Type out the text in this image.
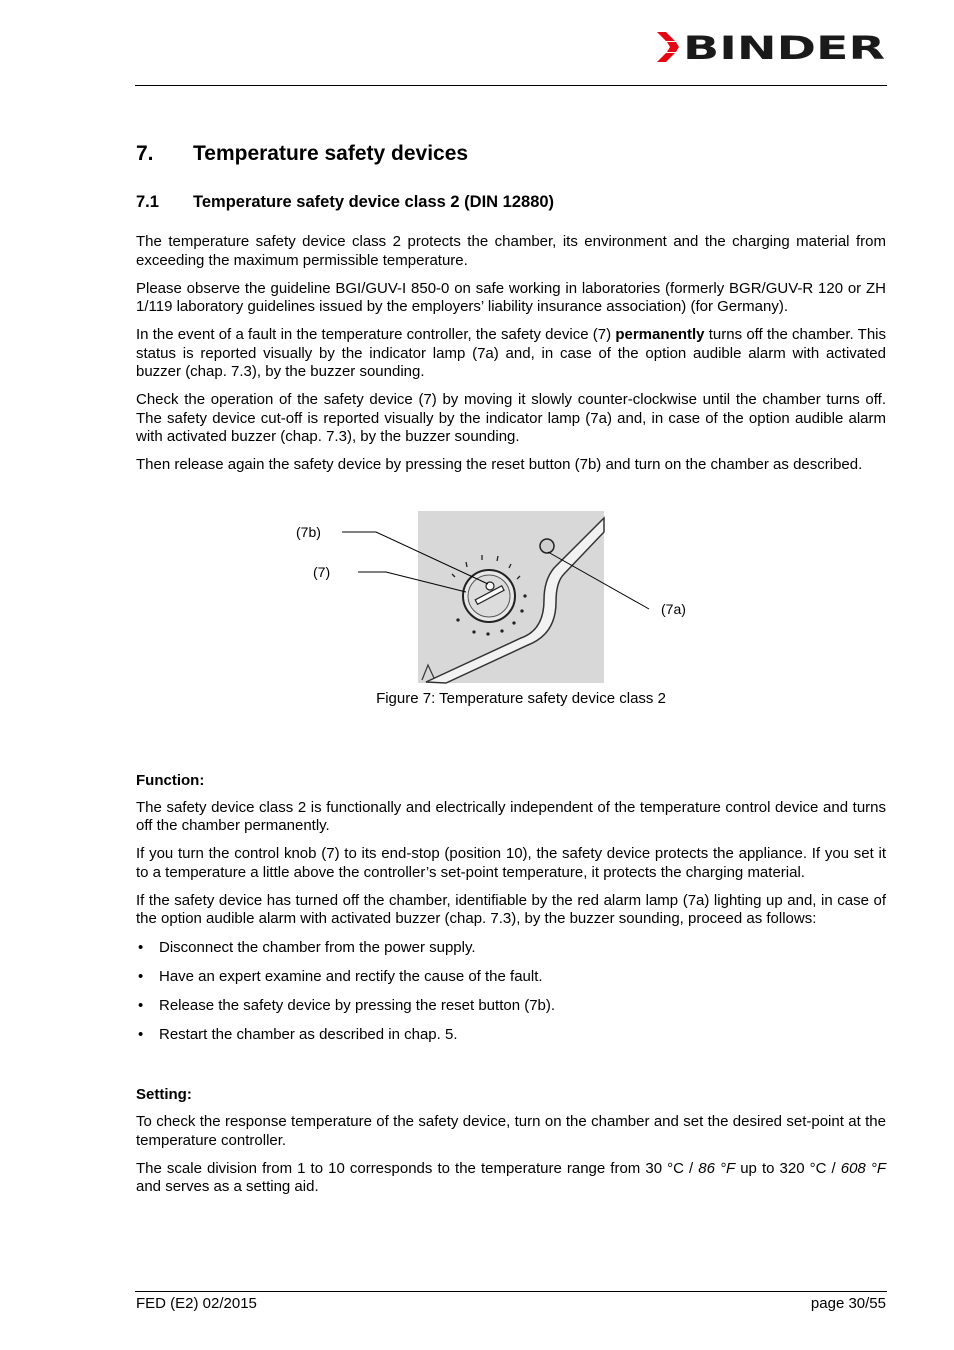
BINDER
7.	Temperature safety devices
7.1	Temperature safety device class 2 (DIN 12880)

The temperature safety device class 2 protects the chamber, its environment and the charging material from exceeding the maximum permissible temperature.

Please observe the guideline BGI/GUV-I 850-0 on safe working in laboratories (formerly BGR/GUV-R 120 or ZH 1/119 laboratory guidelines issued by the employers’ liability insurance association) (for Germany).

In the event of a fault in the temperature controller, the safety device (7) permanently turns off the chamber. This status is reported visually by the indicator lamp (7a) and, in case of the option audible alarm with activated buzzer (chap. 7.3), by the buzzer sounding.

Check the operation of the safety device (7) by moving it slowly counter-clockwise until the chamber turns off. The safety device cut-off is reported visually by the indicator lamp (7a) and, in case of the option audible alarm with activated buzzer (chap. 7.3), by the buzzer sounding.

Then release again the safety device by pressing the reset button (7b) and turn on the chamber as described.

(7b)
(7)
(7a)
Figure 7: Temperature safety device class 2
Function:

The safety device class 2 is functionally and electrically independent of the temperature control device and turns off the chamber permanently.

If you turn the control knob (7) to its end-stop (position 10), the safety device protects the appliance. If you set it to a temperature a little above the controller’s set-point temperature, it protects the charging material.

If the safety device has turned off the chamber, identifiable by the red alarm lamp (7a) lighting up and, in case of the option audible alarm with activated buzzer (chap. 7.3), by the buzzer sounding, proceed as follows:

•	Disconnect the chamber from the power supply.
•	Have an expert examine and rectify the cause of the fault.
•	Release the safety device by pressing the reset button (7b).
•	Restart the chamber as described in chap. 5.
Setting:

To check the response temperature of the safety device, turn on the chamber and set the desired set-point at the temperature controller.

The scale division from 1 to 10 corresponds to the temperature range from 30 °C / 86 °F up to 320 °C / 608 °F and serves as a setting aid.

FED (E2) 02/2015	page 30/55
